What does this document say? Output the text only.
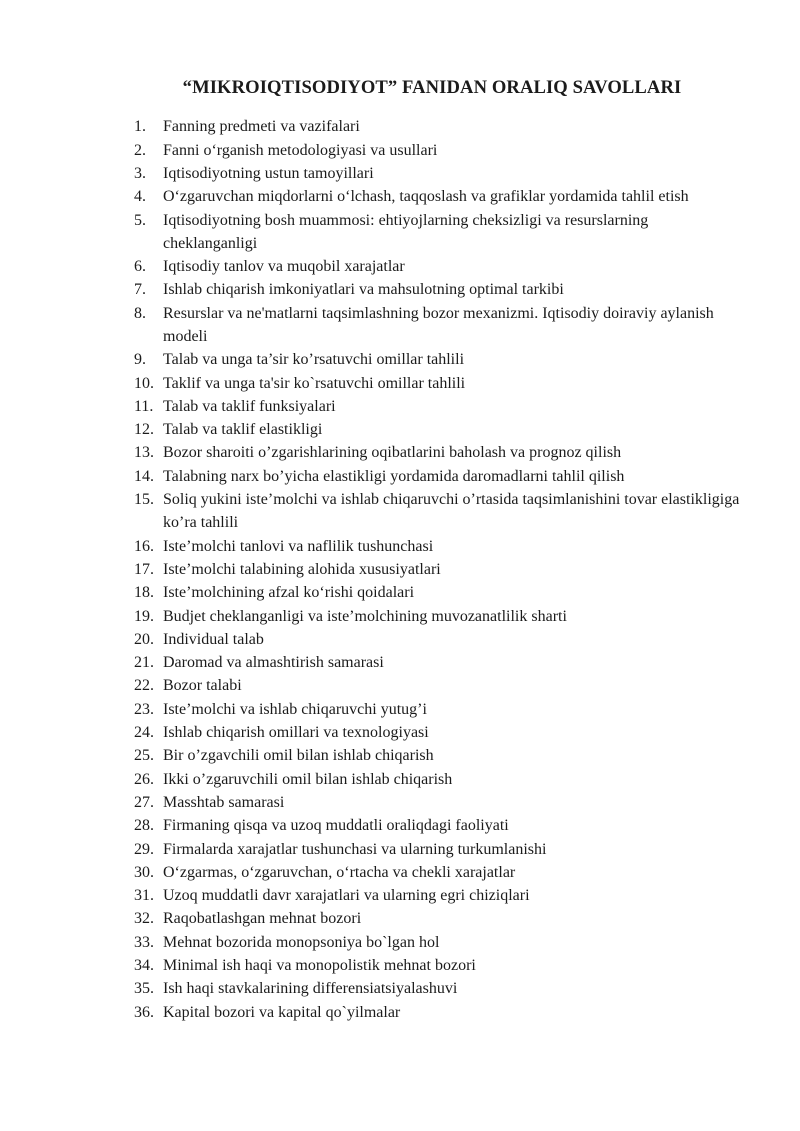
“MIKROIQTISODIYOT” FANIDAN ORALIQ SAVOLLARI
1.	Fanning predmeti va vazifalari
2.	Fanni o‘rganish metodologiyasi va usullari
3.	Iqtisodiyotning ustun tamoyillari
4.	O‘zgaruvchan miqdorlarni o‘lchash, taqqoslash va grafiklar yordamida tahlil etish
5.	Iqtisodiyotning bosh muammosi: ehtiyojlarning cheksizligi va resurslarning cheklanganligi
6.	Iqtisodiy tanlov va muqobil xarajatlar
7.	Ishlab chiqarish imkoniyatlari va mahsulotning optimal tarkibi
8.	Resurslar va ne'matlarni taqsimlashning bozor mexanizmi. Iqtisodiy doiraviy aylanish modeli
9.	Talab va unga ta’sir ko’rsatuvchi omillar tahlili
10. Taklif va unga ta'sir ko`rsatuvchi omillar tahlili
11. Talab va taklif funksiyalari
12. Talab va taklif elastikligi
13. Bozor sharoiti o’zgarishlarining oqibatlarini baholash va prognoz qilish
14. Talabning narx bo’yicha elastikligi yordamida daromadlarni tahlil qilish
15. Soliq yukini iste’molchi va ishlab chiqaruvchi o’rtasida taqsimlanishini tovar elastikligiga ko’ra tahlili
16. Iste’molchi tanlovi va naflilik tushunchasi
17. Iste’molchi talabining alohida xususiyatlari
18. Iste’molchining afzal ko‘rishi qoidalari
19. Budjet cheklanganligi va iste’molchining muvozanatlilik sharti
20. Individual talab
21. Daromad va almashtirish samarasi
22. Bozor talabi
23. Iste’molchi va ishlab chiqaruvchi yutug’i
24. Ishlab chiqarish omillari va texnologiyasi
25. Bir o’zgavchili omil bilan ishlab chiqarish
26. Ikki o’zgaruvchili omil bilan ishlab chiqarish
27. Masshtab samarasi
28. Firmaning qisqa va uzoq muddatli oraliqdagi faoliyati
29. Firmalarda xarajatlar tushunchasi va ularning turkumlanishi
30. O‘zgarmas, o‘zgaruvchan, o‘rtacha va chekli xarajatlar
31. Uzoq muddatli davr xarajatlari va ularning egri chiziqlari
32. Raqobatlashgan mehnat bozori
33. Mehnat bozorida monopsoniya bo`lgan hol
34. Minimal ish haqi va monopolistik mehnat bozori
35. Ish haqi stavkalarining differensiatsiyalashuvi
36. Kapital bozori va kapital qo`yilmalar
